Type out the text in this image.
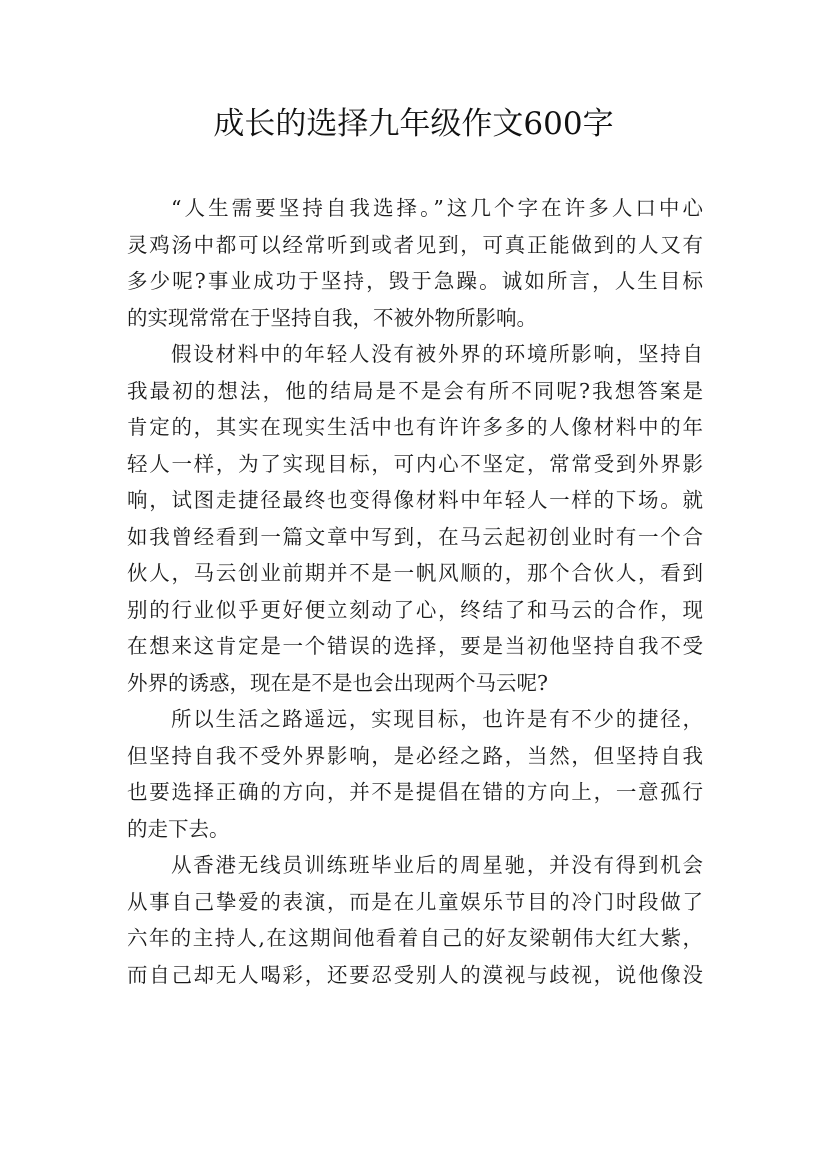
成长的选择九年级作文600字
“人生需要坚持自我选择。”这几个字在许多人口中心
灵鸡汤中都可以经常听到或者见到，可真正能做到的人又有
多少呢?事业成功于坚持，毁于急躁。诚如所言，人生目标
的实现常常在于坚持自我，不被外物所影响。
假设材料中的年轻人没有被外界的环境所影响，坚持自
我最初的想法，他的结局是不是会有所不同呢?我想答案是
肯定的，其实在现实生活中也有许许多多的人像材料中的年
轻人一样，为了实现目标，可内心不坚定，常常受到外界影
响，试图走捷径最终也变得像材料中年轻人一样的下场。就
如我曾经看到一篇文章中写到，在马云起初创业时有一个合
伙人，马云创业前期并不是一帆风顺的，那个合伙人，看到
别的行业似乎更好便立刻动了心，终结了和马云的合作，现
在想来这肯定是一个错误的选择，要是当初他坚持自我不受
外界的诱惑，现在是不是也会出现两个马云呢?
所以生活之路遥远，实现目标，也许是有不少的捷径，
但坚持自我不受外界影响，是必经之路，当然，但坚持自我
也要选择正确的方向，并不是提倡在错的方向上，一意孤行
的走下去。
从香港无线员训练班毕业后的周星驰，并没有得到机会
从事自己挚爱的表演，而是在儿童娱乐节目的冷门时段做了
六年的主持人,在这期间他看着自己的好友梁朝伟大红大紫，
而自己却无人喝彩，还要忍受别人的漠视与歧视，说他像没
